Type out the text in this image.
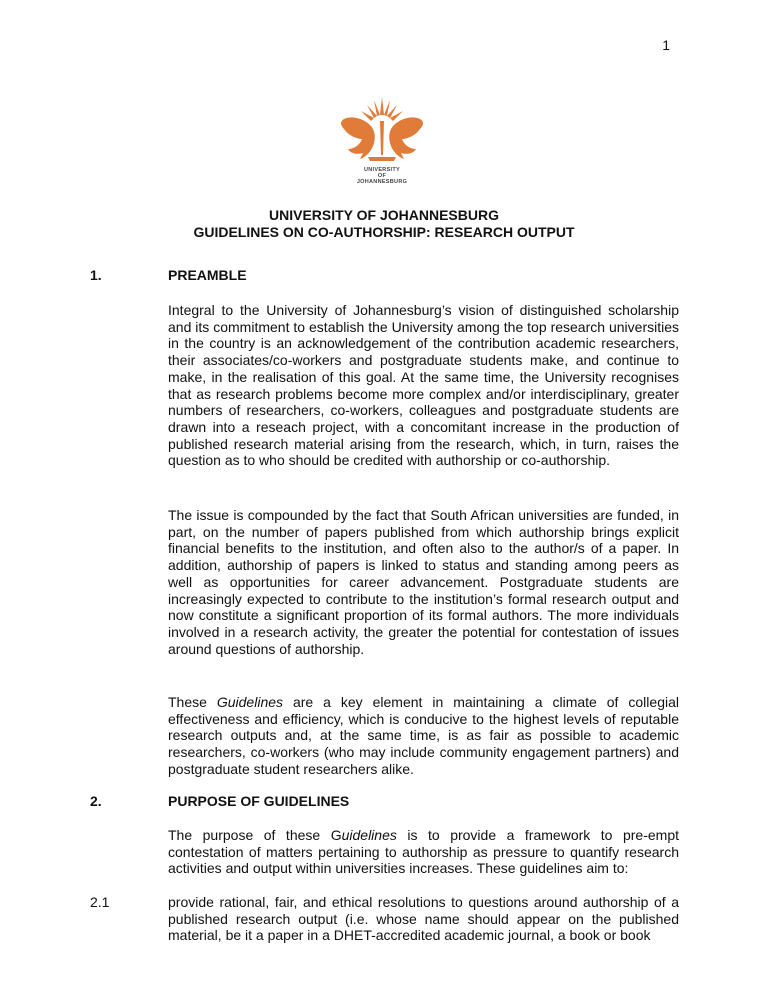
1
UNIVERSITY
OF
JOHANNESBURG
UNIVERSITY OF JOHANNESBURG
GUIDELINES ON CO-AUTHORSHIP: RESEARCH OUTPUT
1.	PREAMBLE
Integral to the University of Johannesburg’s vision of distinguished scholarship and its commitment to establish the University among the top research universities in the country is an acknowledgement of the contribution academic researchers, their associates/co-workers and postgraduate students make, and continue to make, in the realisation of this goal. At the same time, the University recognises that as research problems become more complex and/or interdisciplinary, greater numbers of researchers, co-workers, colleagues and postgraduate students are drawn into a reseach project, with a concomitant increase in the production of published research material arising from the research, which, in turn, raises the question as to who should be credited with authorship or co-authorship.
The issue is compounded by the fact that South African universities are funded, in part, on the number of papers published from which authorship brings explicit financial benefits to the institution, and often also to the author/s of a paper. In addition, authorship of papers is linked to status and standing among peers as well as opportunities for career advancement. Postgraduate students are increasingly expected to contribute to the institution’s formal research output and now constitute a significant proportion of its formal authors. The more individuals involved in a research activity, the greater the potential for contestation of issues around questions of authorship.
These Guidelines are a key element in maintaining a climate of collegial effectiveness and efficiency, which is conducive to the highest levels of reputable research outputs and, at the same time, is as fair as possible to academic researchers, co-workers (who may include community engagement partners) and postgraduate student researchers alike.
2.	PURPOSE OF GUIDELINES
The purpose of these Guidelines is to provide a framework to pre-empt contestation of matters pertaining to authorship as pressure to quantify research activities and output within universities increases. These guidelines aim to:
2.1	provide rational, fair, and ethical resolutions to questions around authorship of a published research output (i.e. whose name should appear on the published material, be it a paper in a DHET-accredited academic journal, a book or book
